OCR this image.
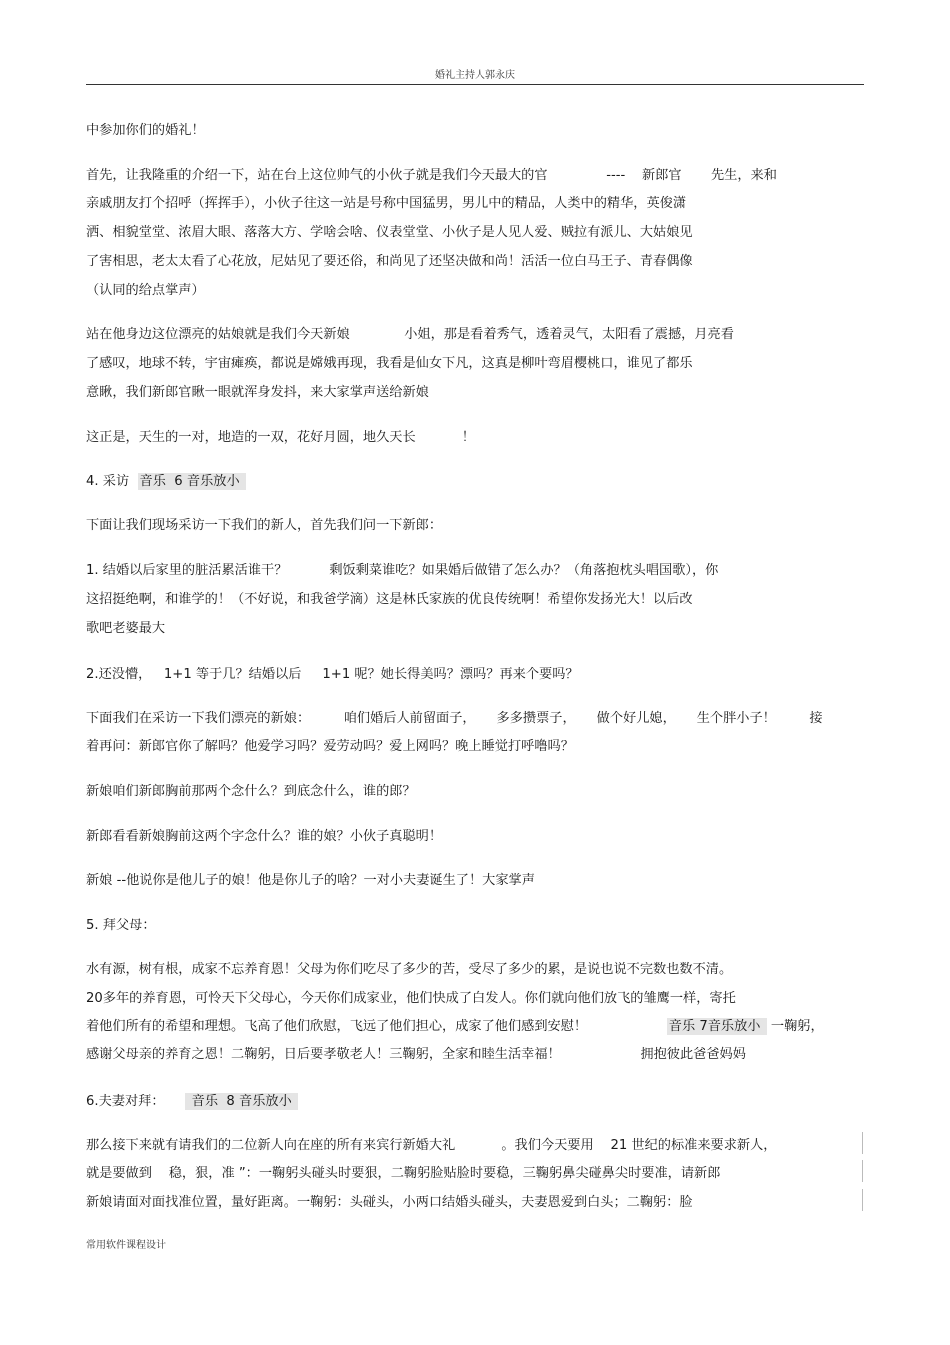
婚礼主持人郭永庆
中参加你们的婚礼！
首先，让我隆重的介绍一下，站在台上这位帅气的小伙子就是我们今天最大的官              ----    新郎官       先生，来和
亲戚朋友打个招呼（挥挥手），小伙子往这一站是号称中国猛男，男儿中的精品，人类中的精华，英俊潇
洒、相貌堂堂、浓眉大眼、落落大方、学啥会啥、仪表堂堂、小伙子是人见人爱、贼拉有派儿、大姑娘见
了害相思，老太太看了心花放，尼姑见了要还俗，和尚见了还坚决做和尚！活活一位白马王子、青春偶像
（认同的给点掌声）
站在他身边这位漂亮的姑娘就是我们今天新娘             小姐，那是看着秀气，透着灵气，太阳看了震撼，月亮看
了感叹，地球不转，宇宙瘫痪，都说是嫦娥再现，我看是仙女下凡，这真是柳叶弯眉樱桃口，谁见了都乐
意瞅，我们新郎官瞅一眼就浑身发抖，来大家掌声送给新娘
这正是，天生的一对，地造的一双，花好月圆，地久天长           ！
4. 采访  音乐  6 音乐放小
下面让我们现场采访一下我们的新人，首先我们问一下新郎：
1. 结婚以后家里的脏活累活谁干？          剩饭剩菜谁吃？如果婚后做错了怎么办？（角落抱枕头唱国歌），你
这招挺绝啊，和谁学的！（不好说，和我爸学滴）这是林氏家族的优良传统啊！希望你发扬光大！以后改
歌吧老婆最大
2.还没懵，   1+1 等于几？结婚以后     1+1 呢？她长得美吗？漂吗？再来个要吗？
下面我们在采访一下我们漂亮的新娘：        咱们婚后人前留面子，     多多攒票子，     做个好儿媳，     生个胖小子！        接
着再问：新郎官你了解吗？他爱学习吗？爱劳动吗？爱上网吗？晚上睡觉打呼噜吗？
新娘咱们新郎胸前那两个念什么？到底念什么，谁的郎？
新郎看看新娘胸前这两个字念什么？谁的娘？小伙子真聪明！
新娘 --他说你是他儿子的娘！他是你儿子的啥？一对小夫妻诞生了！大家掌声
5. 拜父母：
水有源，树有根，成家不忘养育恩！父母为你们吃尽了多少的苦，受尽了多少的累，是说也说不完数也数不清。
20多年的养育恩，可怜天下父母心，今天你们成家业，他们快成了白发人。你们就向他们放飞的雏鹰一样，寄托
着他们所有的希望和理想。飞高了他们欣慰，飞远了他们担心，成家了他们感到安慰！                   音乐 7音乐放小  一鞠躬，
感谢父母亲的养育之恩！二鞠躬，日后要孝敬老人！三鞠躬，全家和睦生活幸福！                   拥抱彼此爸爸妈妈
6.夫妻对拜：      音乐  8 音乐放小
那么接下来就有请我们的二位新人向在座的所有来宾行新婚大礼           。我们今天要用    21 世纪的标准来要求新人，
就是要做到    稳，狠，准 ”：一鞠躬头碰头时要狠，二鞠躬脸贴脸时要稳，三鞠躬鼻尖碰鼻尖时要准，请新郎
新娘请面对面找准位置，量好距离。一鞠躬：头碰头，小两口结婚头碰头，夫妻恩爱到白头；二鞠躬：脸
常用软件课程设计
